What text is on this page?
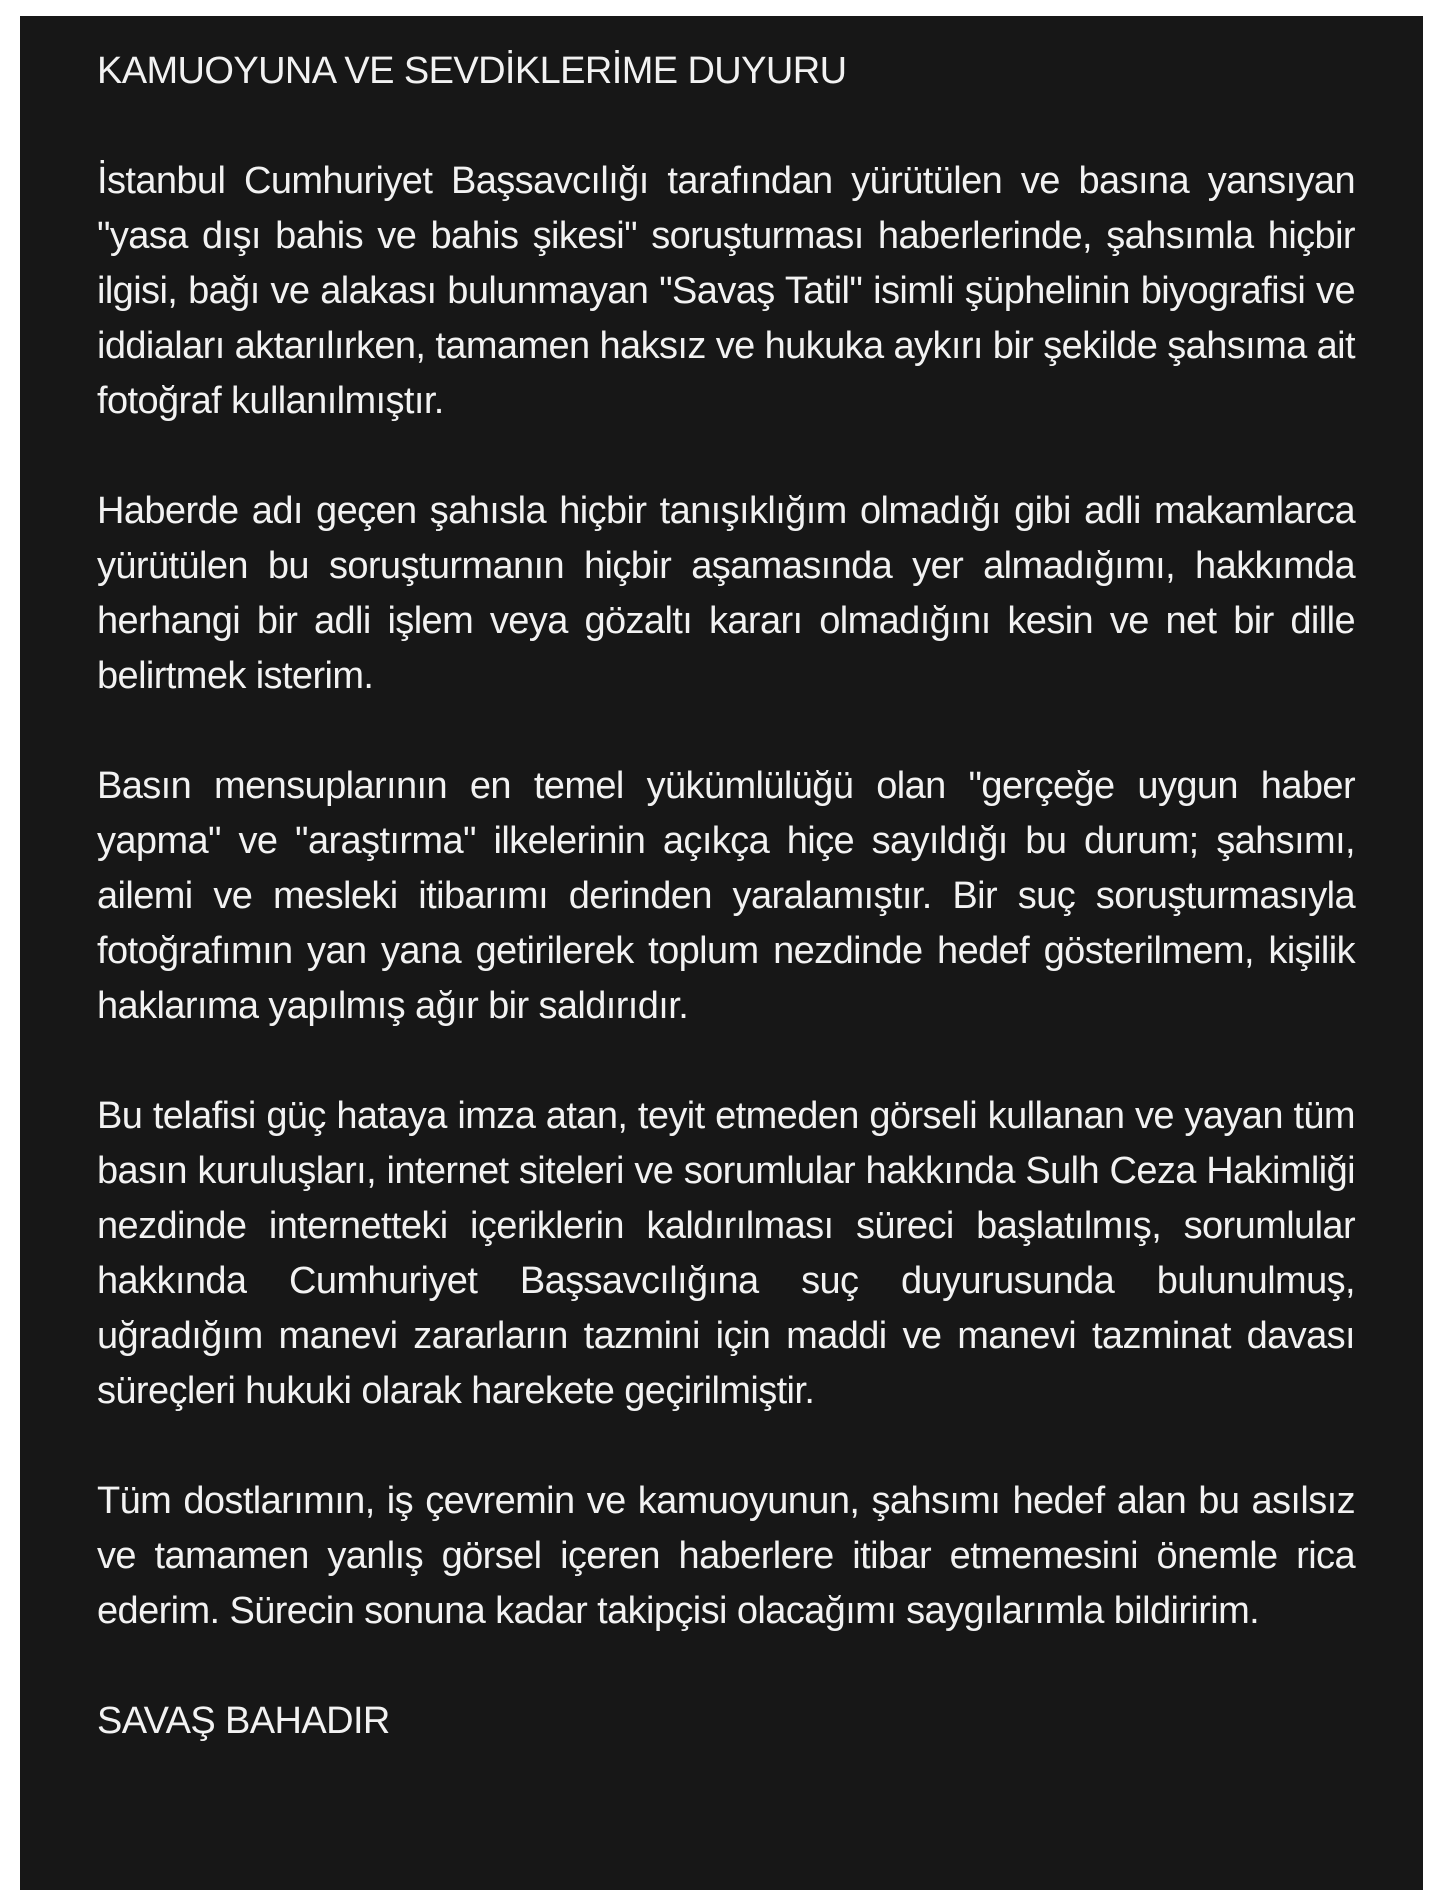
KAMUOYUNA VE SEVDİKLERİME DUYURU

İstanbul Cumhuriyet Başsavcılığı tarafından yürütülen ve basına yansıyan "yasa dışı bahis ve bahis şikesi" soruşturması haberlerinde, şahsımla hiçbir ilgisi, bağı ve alakası bulunmayan "Savaş Tatil" isimli şüphelinin biyografisi ve iddiaları aktarılırken, tamamen haksız ve hukuka aykırı bir şekilde şahsıma ait fotoğraf kullanılmıştır.

Haberde adı geçen şahısla hiçbir tanışıklığım olmadığı gibi adli makamlarca yürütülen bu soruşturmanın hiçbir aşamasında yer almadığımı, hakkımda herhangi bir adli işlem veya gözaltı kararı olmadığını kesin ve net bir dille belirtmek isterim.

Basın mensuplarının en temel yükümlülüğü olan "gerçeğe uygun haber yapma" ve "araştırma" ilkelerinin açıkça hiçe sayıldığı bu durum; şahsımı, ailemi ve mesleki itibarımı derinden yaralamıştır. Bir suç soruşturmasıyla fotoğrafımın yan yana getirilerek toplum nezdinde hedef gösterilmem, kişilik haklarıma yapılmış ağır bir saldırıdır.

Bu telafisi güç hataya imza atan, teyit etmeden görseli kullanan ve yayan tüm basın kuruluşları, internet siteleri ve sorumlular hakkında Sulh Ceza Hakimliği nezdinde internetteki içeriklerin kaldırılması süreci başlatılmış, sorumlular hakkında Cumhuriyet Başsavcılığına suç duyurusunda bulunulmuş, uğradığım manevi zararların tazmini için maddi ve manevi tazminat davası süreçleri hukuki olarak harekete geçirilmiştir.

Tüm dostlarımın, iş çevremin ve kamuoyunun, şahsımı hedef alan bu asılsız ve tamamen yanlış görsel içeren haberlere itibar etmemesini önemle rica ederim. Sürecin sonuna kadar takipçisi olacağımı saygılarımla bildiririm.

SAVAŞ BAHADIR
